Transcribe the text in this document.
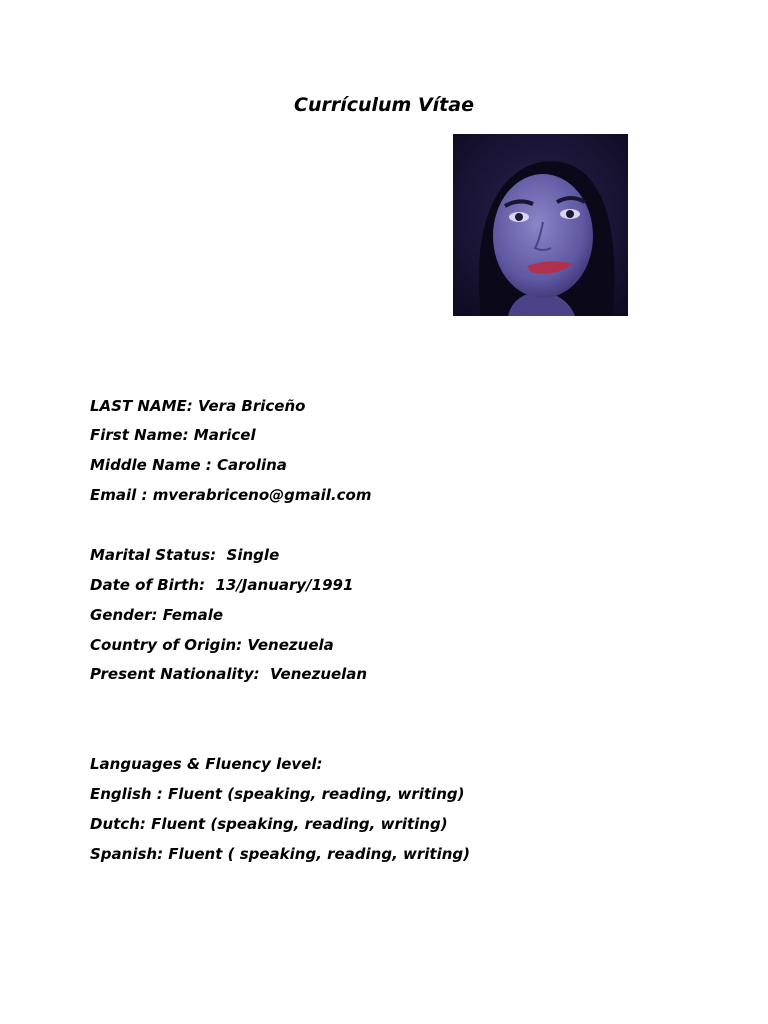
Currículum Vítae
LAST NAME: Vera Briceño
First Name: Maricel
Middle Name : Carolina
Email : mverabriceno@gmail.com
Marital Status:  Single
Date of Birth:  13/January/1991
Gender: Female
Country of Origin: Venezuela
Present Nationality:  Venezuelan
Languages & Fluency level:
English : Fluent (speaking, reading, writing)
Dutch: Fluent (speaking, reading, writing)
Spanish: Fluent ( speaking, reading, writing)
